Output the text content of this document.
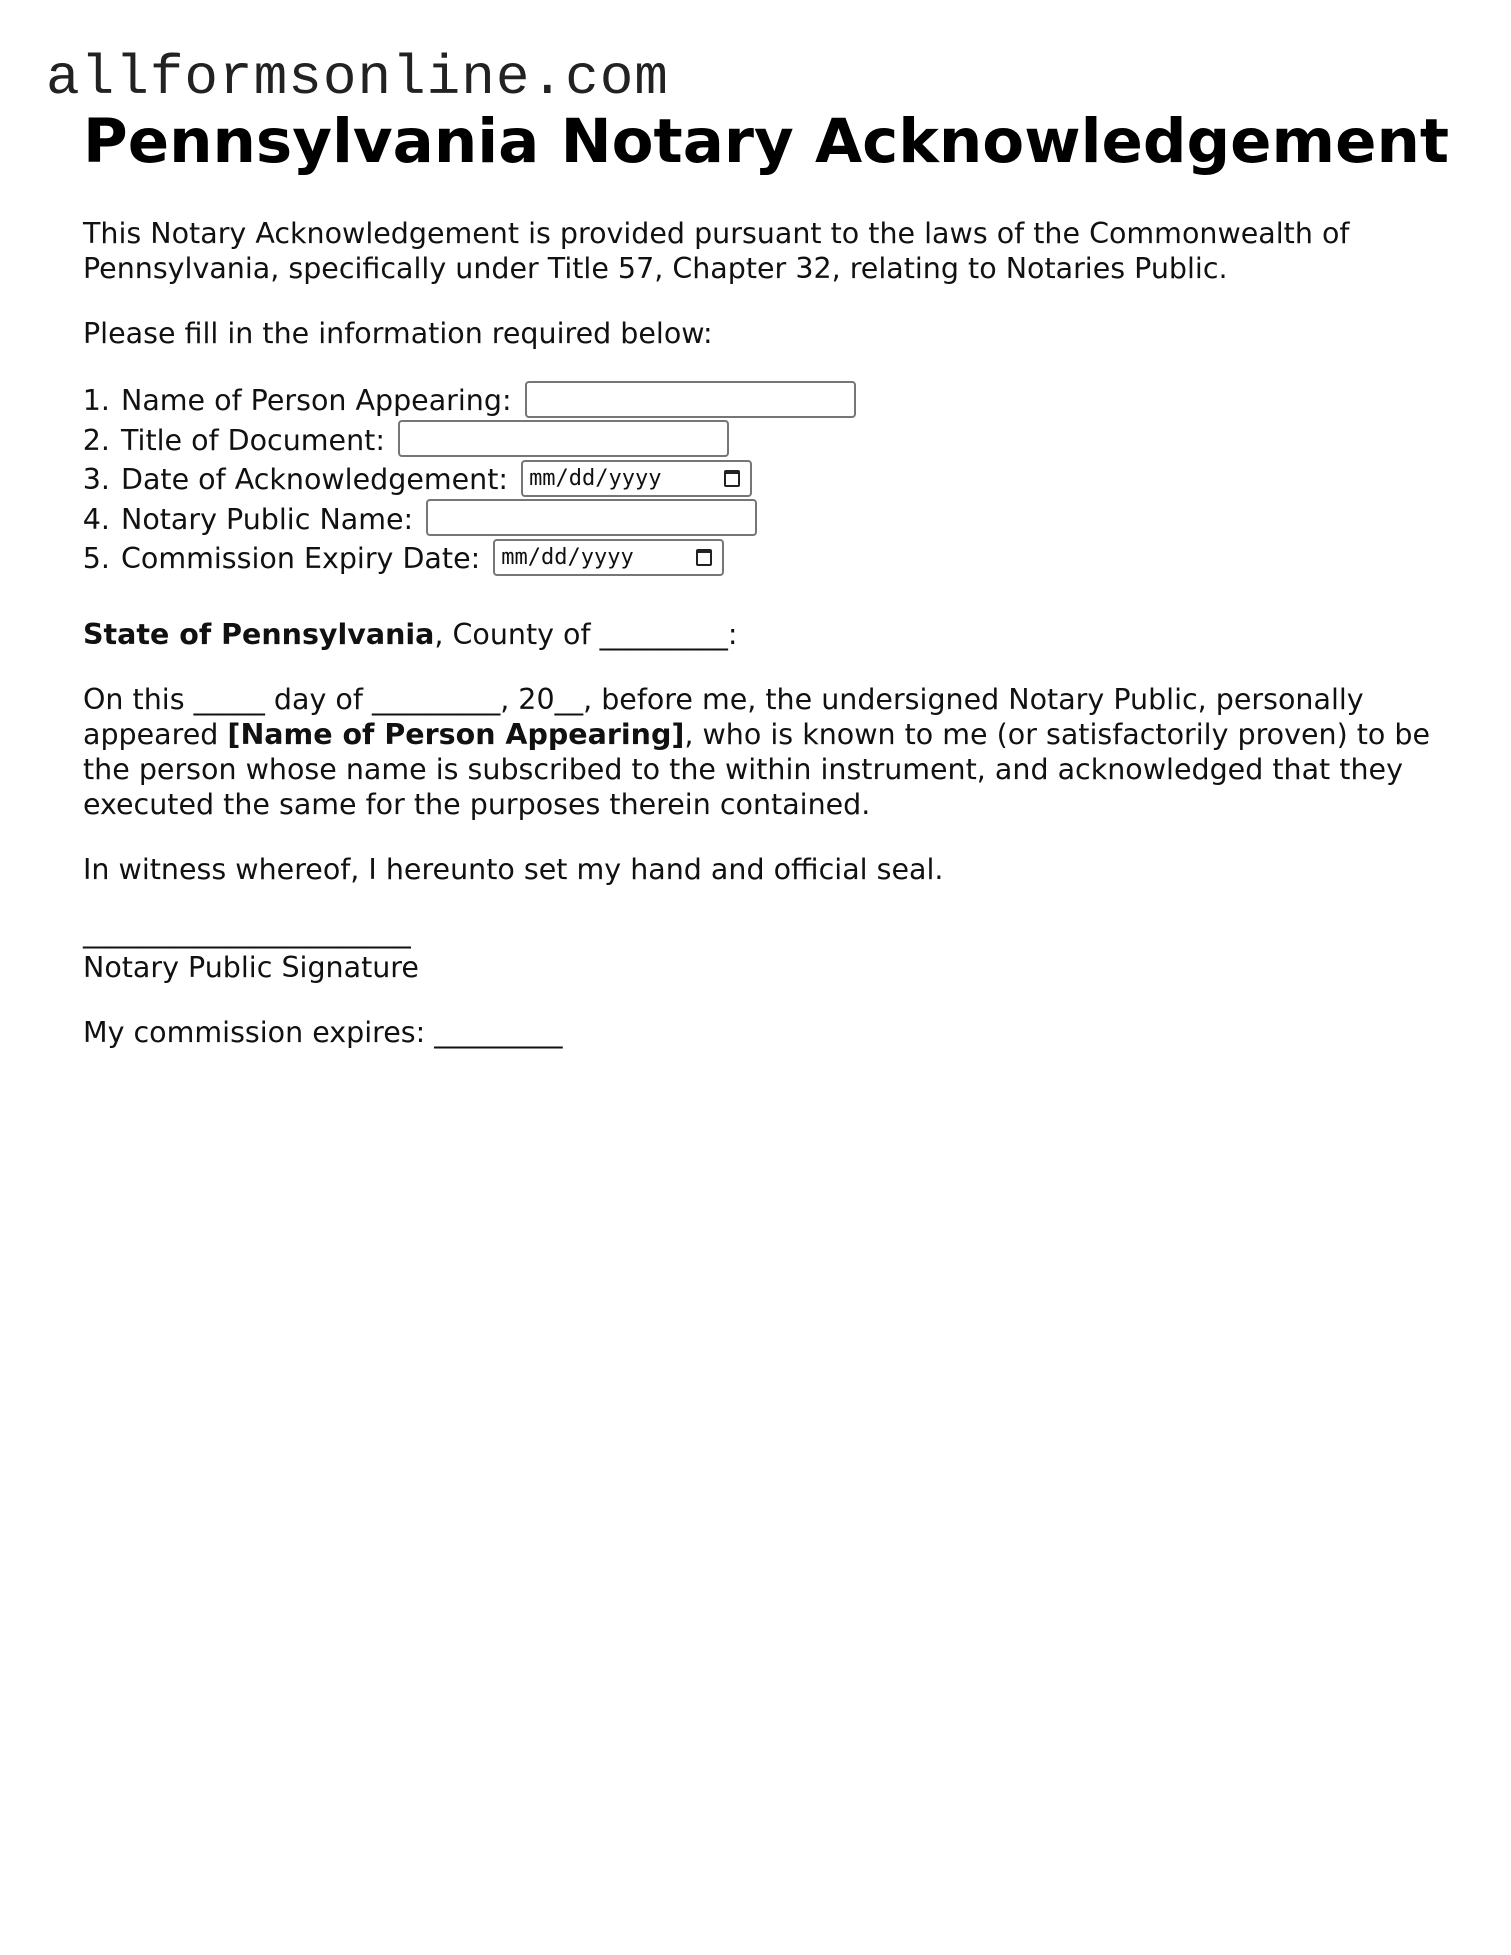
allformsonline.com
Pennsylvania Notary Acknowledgement

This Notary Acknowledgement is provided pursuant to the laws of the Commonwealth of Pennsylvania, specifically under Title 57, Chapter 32, relating to Notaries Public.

Please fill in the information required below:

1. Name of Person Appearing:
2. Title of Document:
3. Date of Acknowledgement: mm/dd/yyyy
4. Notary Public Name:
5. Commission Expiry Date: mm/dd/yyyy

State of Pennsylvania, County of _________:

On this _____ day of _________, 20__, before me, the undersigned Notary Public, personally appeared [Name of Person Appearing], who is known to me (or satisfactorily proven) to be the person whose name is subscribed to the within instrument, and acknowledged that they executed the same for the purposes therein contained.

In witness whereof, I hereunto set my hand and official seal.

_______________________

Notary Public Signature

My commission expires: _________
